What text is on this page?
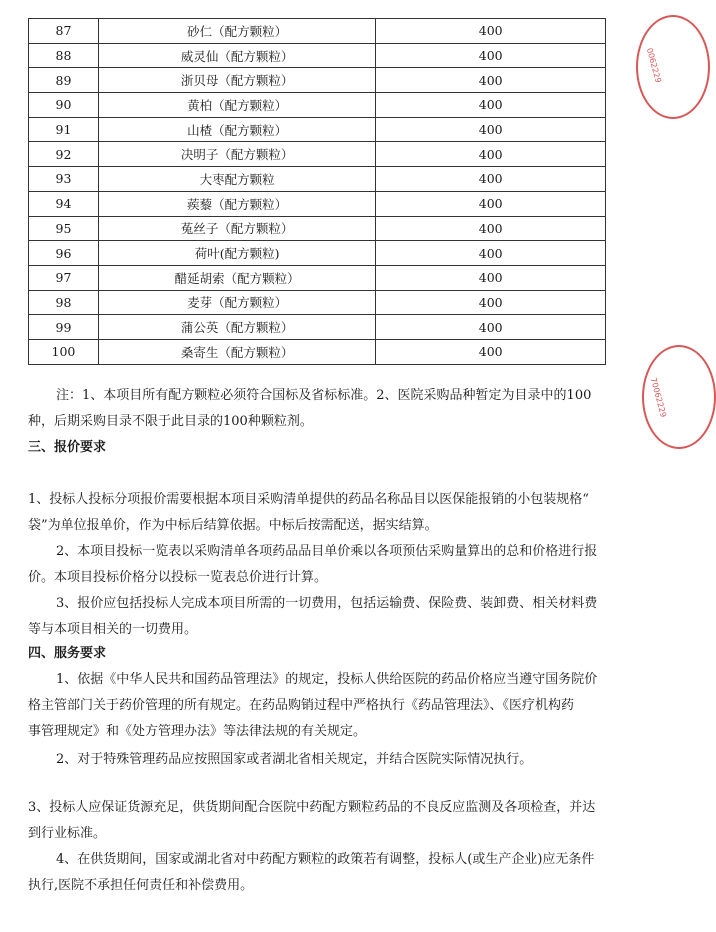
87	砂仁（配方颗粒）	400
88	威灵仙（配方颗粒）	400
89	浙贝母（配方颗粒）	400
90	黄柏（配方颗粒）	400
91	山楂（配方颗粒）	400
92	决明子（配方颗粒）	400
93	大枣配方颗粒	400
94	蒺藜（配方颗粒）	400
95	菟丝子（配方颗粒）	400
96	荷叶(配方颗粒)	400
97	醋延胡索（配方颗粒）	400
98	麦芽（配方颗粒）	400
99	蒲公英（配方颗粒）	400
100	桑寄生（配方颗粒）	400
注：1、本项目所有配方颗粒必须符合国标及省标标准。2、医院采购品种暂定为目录中的100
种，后期采购目录不限于此目录的100种颗粒剂。
三、报价要求
1、投标人投标分项报价需要根据本项目采购清单提供的药品名称品目以医保能报销的小包装规格“
袋”为单位报单价，作为中标后结算依据。中标后按需配送，据实结算。
2、本项目投标一览表以采购清单各项药品品目单价乘以各项预估采购量算出的总和价格进行报
价。本项目投标价格分以投标一览表总价进行计算。
3、报价应包括投标人完成本项目所需的一切费用，包括运输费、保险费、装卸费、相关材料费
等与本项目相关的一切费用。
四、服务要求
1、依据《中华人民共和国药品管理法》的规定，投标人供给医院的药品价格应当遵守国务院价
格主管部门关于药价管理的所有规定。在药品购销过程中严格执行《药品管理法》、《医疗机构药
事管理规定》和《处方管理办法》等法律法规的有关规定。
2、对于特殊管理药品应按照国家或者湖北省相关规定，并结合医院实际情况执行。
3、投标人应保证货源充足，供货期间配合医院中药配方颗粒药品的不良反应监测及各项检查，并达
到行业标准。
4、在供货期间，国家或湖北省对中药配方颗粒的政策若有调整，投标人(或生产企业)应无条件
执行,医院不承担任何责任和补偿费用。
0062229
70062229
